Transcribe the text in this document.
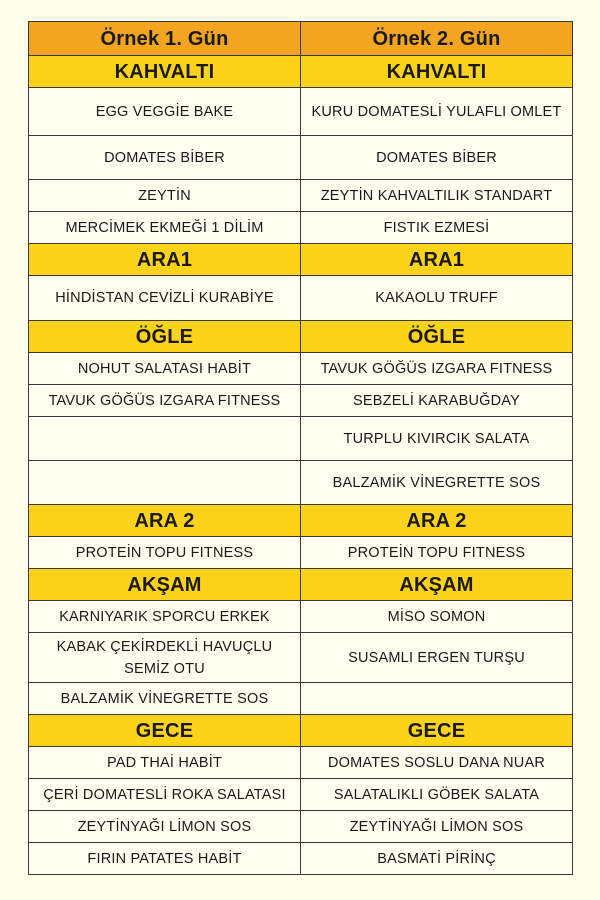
Örnek 1. Gün	Örnek 2. Gün
KAHVALTI	KAHVALTI
EGG VEGGİE BAKE	KURU DOMATESLİ YULAFLI OMLET
DOMATES BİBER	DOMATES BİBER
ZEYTİN	ZEYTİN KAHVALTILIK STANDART
MERCİMEK EKMEĞİ 1 DİLİM	FISTIK EZMESİ
ARA1	ARA1
HİNDİSTAN CEVİZLİ KURABİYE	KAKAOLU TRUFF
ÖĞLE	ÖĞLE
NOHUT SALATASI HABİT	TAVUK GÖĞÜS IZGARA FITNESS
TAVUK GÖĞÜS IZGARA FITNESS	SEBZELİ KARABUĞDAY
	TURPLU KIVIRCIK SALATA
	BALZAMİK VİNEGRETTE SOS
ARA 2	ARA 2
PROTEİN TOPU FITNESS	PROTEİN TOPU FITNESS
AKŞAM	AKŞAM
KARNIYARIK SPORCU ERKEK	MİSO SOMON
KABAK ÇEKİRDEKLİ HAVUÇLU SEMİZ OTU	SUSAMLI ERGEN TURŞU
BALZAMİK VİNEGRETTE SOS	
GECE	GECE
PAD THAİ HABİT	DOMATES SOSLU DANA NUAR
ÇERİ DOMATESLİ ROKA SALATASI	SALATALIKLI GÖBEK SALATA
ZEYTİNYAĞI LİMON SOS	ZEYTİNYAĞI LİMON SOS
FIRIN PATATES HABİT	BASMATİ PİRİNÇ
